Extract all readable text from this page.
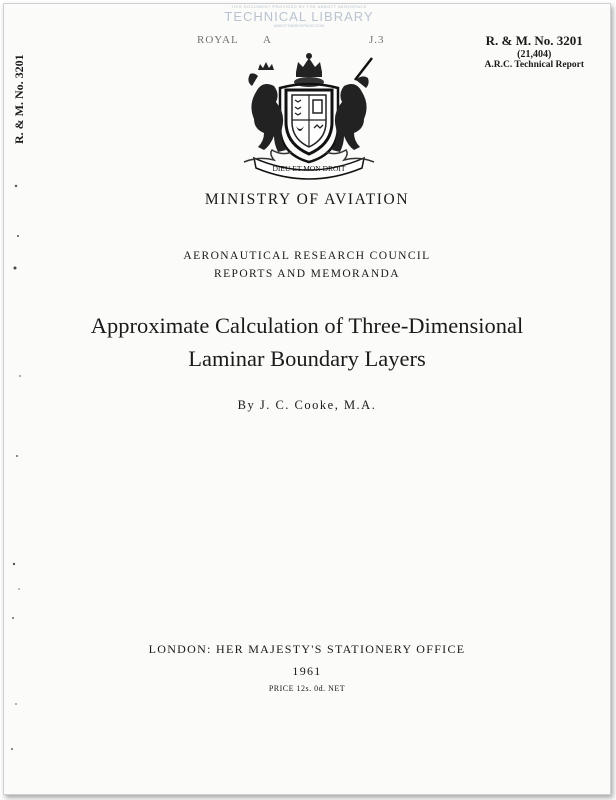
THIS DOCUMENT PROVIDED BY THE ABBOTT AEROSPACE
TECHNICAL LIBRARY
ABBOTTAEROSPACE.COM
ROYAL A	J.3
R. & M. No. 3201
R. & M. No. 3201
(21,404)
A.R.C. Technical Report
DIEU ET MON DROIT
MINISTRY OF AVIATION
AERONAUTICAL RESEARCH COUNCIL
REPORTS AND MEMORANDA
Approximate Calculation of Three-Dimensional
Laminar Boundary Layers
By J. C. Cooke, M.A.
LONDON: HER MAJESTY'S STATIONERY OFFICE
1961
PRICE 12s. 0d. NET
